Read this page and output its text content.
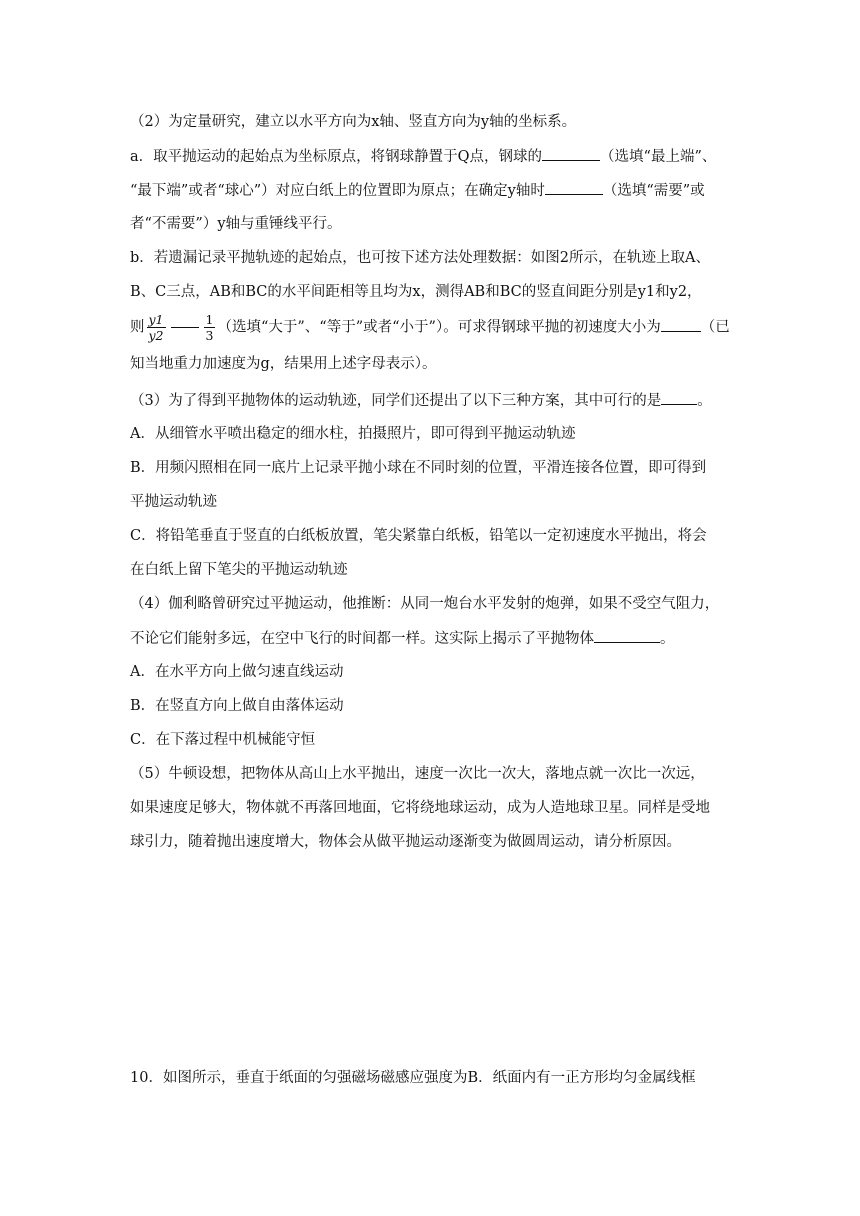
（2）为定量研究，建立以水平方向为x轴、竖直方向为y轴的坐标系。
a．取平抛运动的起始点为坐标原点，将钢球静置于Q点，钢球的	（选填“最上端”、
“最下端”或者“球心”）对应白纸上的位置即为原点；在确定y轴时	（选填“需要”或
者“不需要”）y轴与重锤线平行。
b．若遗漏记录平抛轨迹的起始点，也可按下述方法处理数据：如图2所示，在轨迹上取A、
B、C三点，AB和BC的水平间距相等且均为x，测得AB和BC的竖直间距分别是y1和y2，
则 $\frac{y1}{y2}$	$\frac{1}{3}$ （选填“大于”、“等于”或者“小于”）。可求得钢球平抛的初速度大小为	（已
知当地重力加速度为g，结果用上述字母表示）。
（3）为了得到平抛物体的运动轨迹，同学们还提出了以下三种方案，其中可行的是 。
A．从细管水平喷出稳定的细水柱，拍摄照片，即可得到平抛运动轨迹
B．用频闪照相在同一底片上记录平抛小球在不同时刻的位置，平滑连接各位置，即可得到
平抛运动轨迹
C．将铅笔垂直于竖直的白纸板放置，笔尖紧靠白纸板，铅笔以一定初速度水平抛出，将会
在白纸上留下笔尖的平抛运动轨迹
（4）伽利略曾研究过平抛运动，他推断：从同一炮台水平发射的炮弹，如果不受空气阻力，
不论它们能射多远，在空中飞行的时间都一样。这实际上揭示了平抛物体	。
A．在水平方向上做匀速直线运动
B．在竖直方向上做自由落体运动
C．在下落过程中机械能守恒
（5）牛顿设想，把物体从高山上水平抛出，速度一次比一次大，落地点就一次比一次远，
如果速度足够大，物体就不再落回地面，它将绕地球运动，成为人造地球卫星。同样是受地
球引力，随着抛出速度增大，物体会从做平抛运动逐渐变为做圆周运动，请分析原因。
10．如图所示，垂直于纸面的匀强磁场磁感应强度为B．纸面内有一正方形均匀金属线框
